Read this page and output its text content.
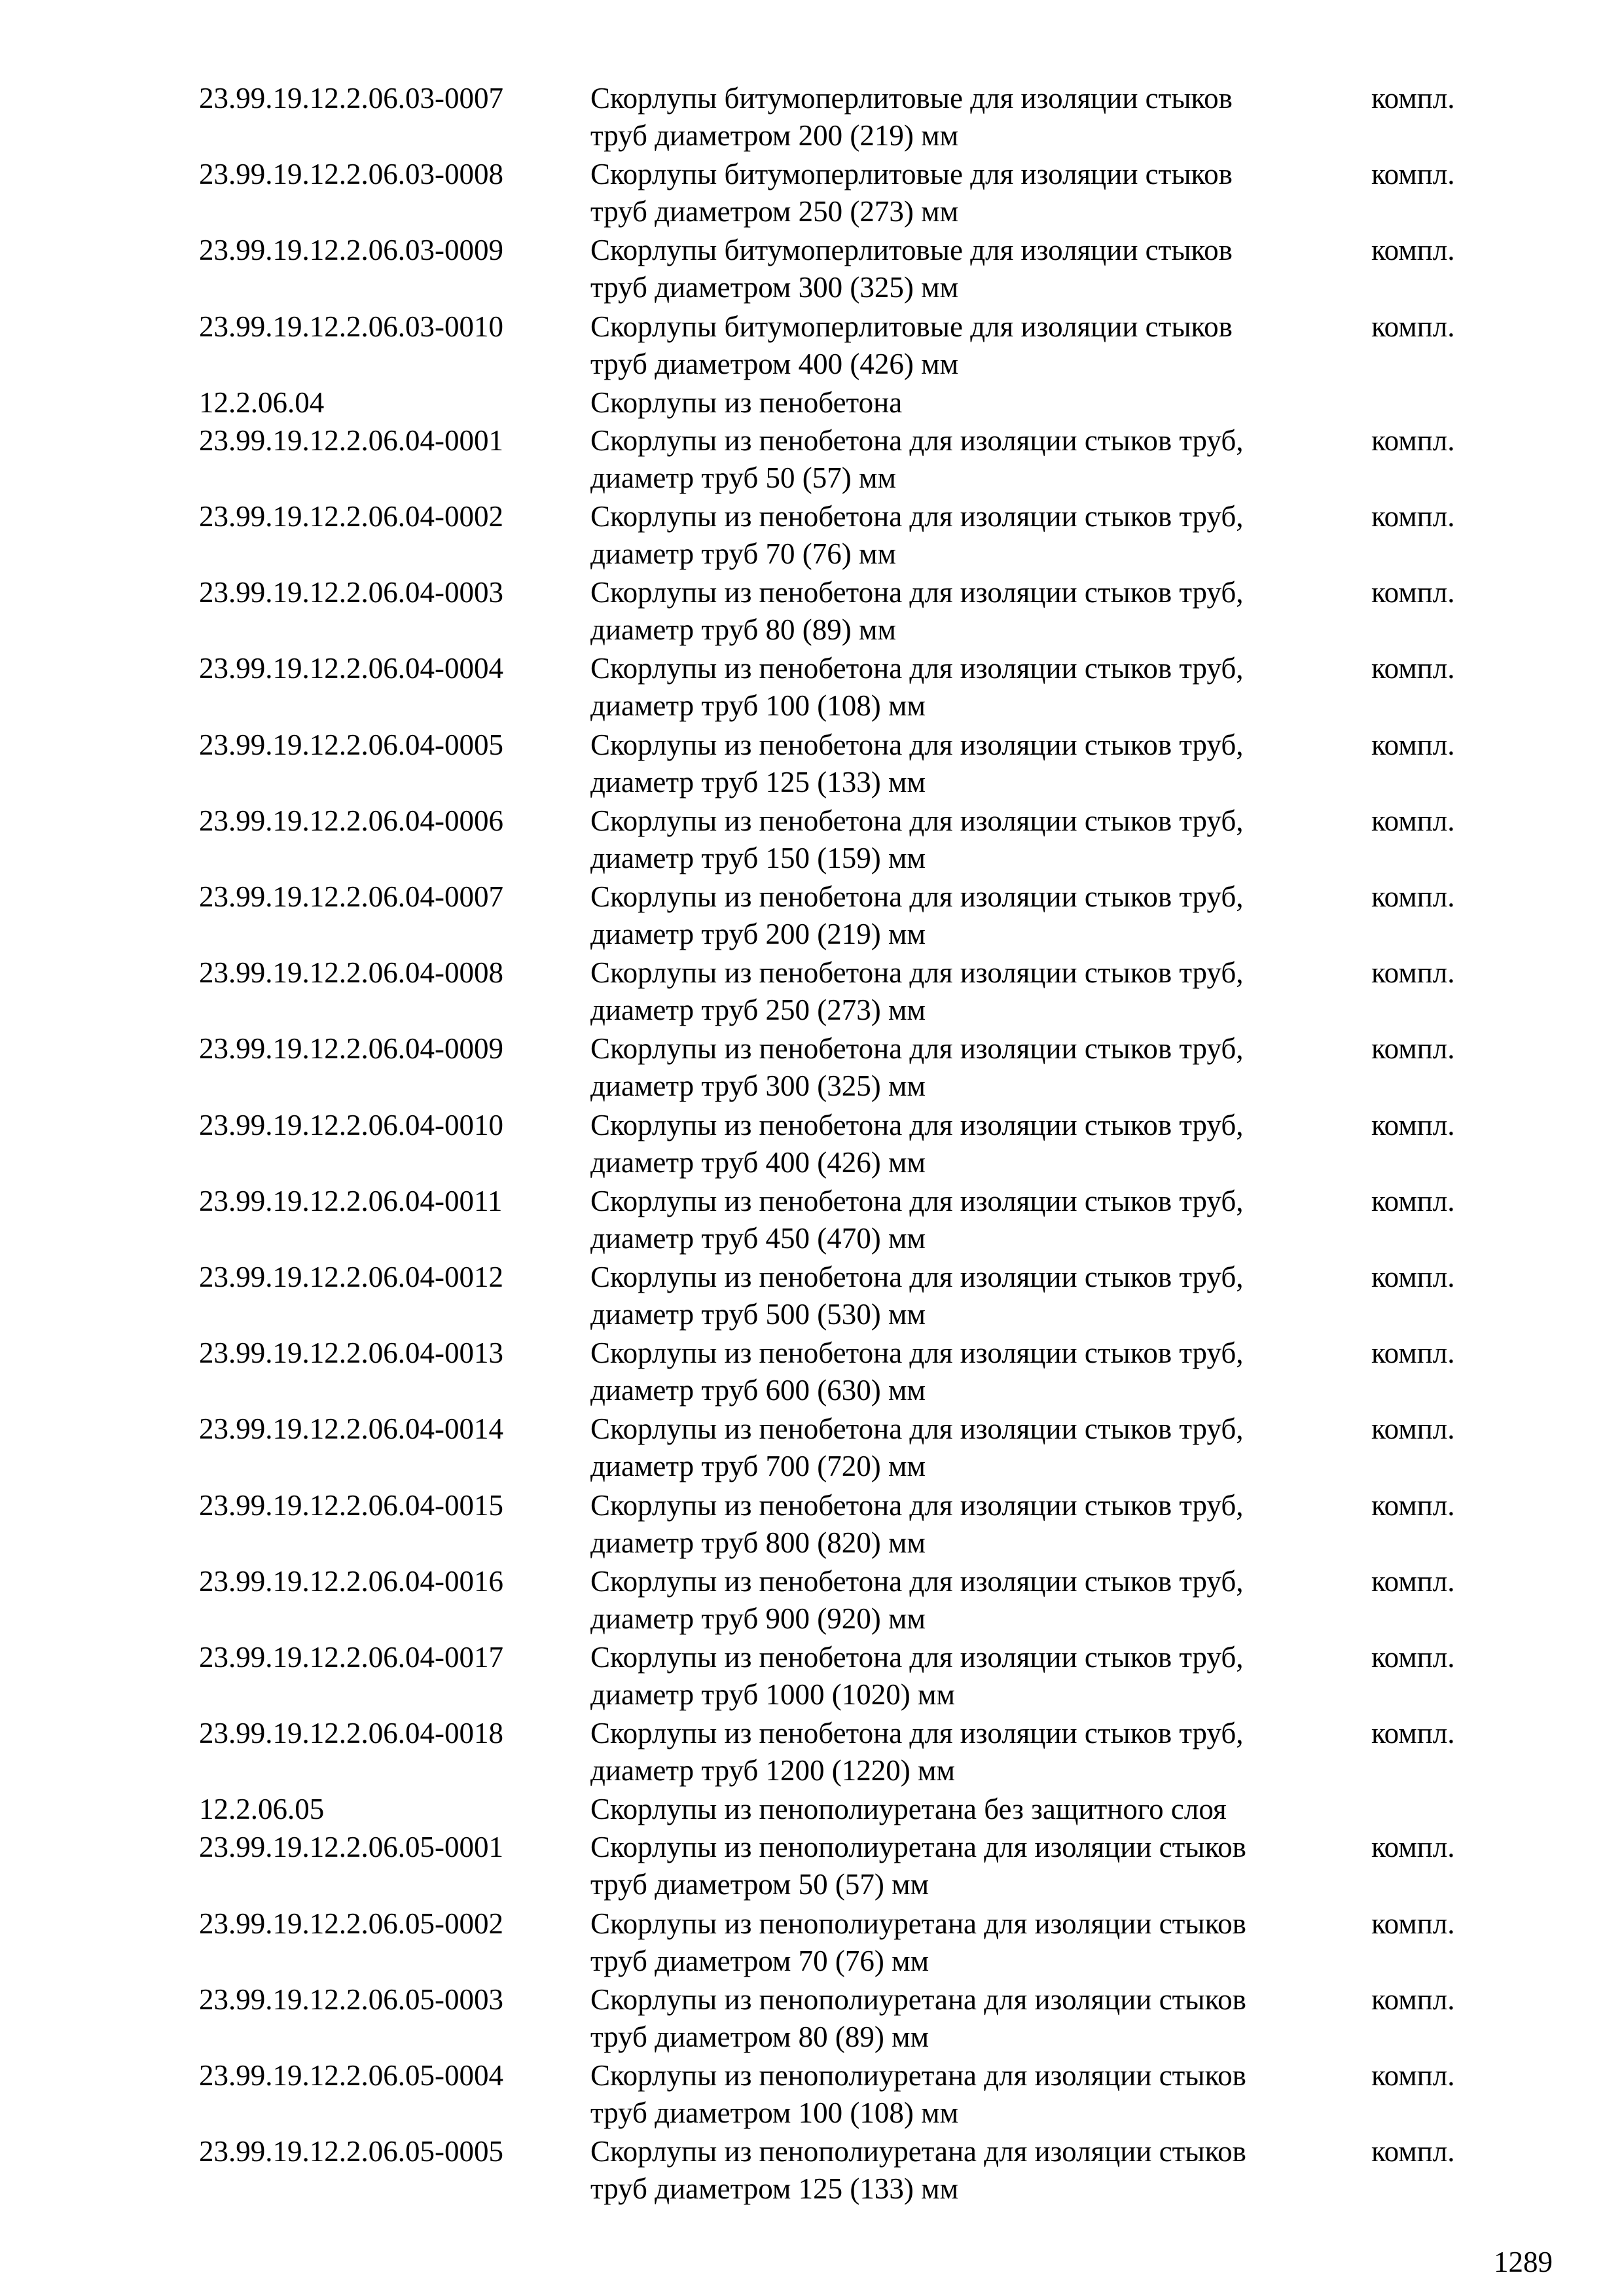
23.99.19.12.2.06.03-0007	Скорлупы битумоперлитовые для изоляции стыков
труб диаметром 200 (219) мм
компл.
23.99.19.12.2.06.03-0008	Скорлупы битумоперлитовые для изоляции стыков
труб диаметром 250 (273) мм
компл.
23.99.19.12.2.06.03-0009	Скорлупы битумоперлитовые для изоляции стыков
труб диаметром 300 (325) мм
компл.
23.99.19.12.2.06.03-0010	Скорлупы битумоперлитовые для изоляции стыков
труб диаметром 400 (426) мм
компл.
12.2.06.04	Скорлупы из пенобетона
23.99.19.12.2.06.04-0001	Скорлупы из пенобетона для изоляции стыков труб,
диаметр труб 50 (57) мм
компл.
23.99.19.12.2.06.04-0002	Скорлупы из пенобетона для изоляции стыков труб,
диаметр труб 70 (76) мм
компл.
23.99.19.12.2.06.04-0003	Скорлупы из пенобетона для изоляции стыков труб,
диаметр труб 80 (89) мм
компл.
23.99.19.12.2.06.04-0004	Скорлупы из пенобетона для изоляции стыков труб,
диаметр труб 100 (108) мм
компл.
23.99.19.12.2.06.04-0005	Скорлупы из пенобетона для изоляции стыков труб,
диаметр труб 125 (133) мм
компл.
23.99.19.12.2.06.04-0006	Скорлупы из пенобетона для изоляции стыков труб,
диаметр труб 150 (159) мм
компл.
23.99.19.12.2.06.04-0007	Скорлупы из пенобетона для изоляции стыков труб,
диаметр труб 200 (219) мм
компл.
23.99.19.12.2.06.04-0008	Скорлупы из пенобетона для изоляции стыков труб,
диаметр труб 250 (273) мм
компл.
23.99.19.12.2.06.04-0009	Скорлупы из пенобетона для изоляции стыков труб,
диаметр труб 300 (325) мм
компл.
23.99.19.12.2.06.04-0010	Скорлупы из пенобетона для изоляции стыков труб,
диаметр труб 400 (426) мм
компл.
23.99.19.12.2.06.04-0011	Скорлупы из пенобетона для изоляции стыков труб,
диаметр труб 450 (470) мм
компл.
23.99.19.12.2.06.04-0012	Скорлупы из пенобетона для изоляции стыков труб,
диаметр труб 500 (530) мм
компл.
23.99.19.12.2.06.04-0013	Скорлупы из пенобетона для изоляции стыков труб,
диаметр труб 600 (630) мм
компл.
23.99.19.12.2.06.04-0014	Скорлупы из пенобетона для изоляции стыков труб,
диаметр труб 700 (720) мм
компл.
23.99.19.12.2.06.04-0015	Скорлупы из пенобетона для изоляции стыков труб,
диаметр труб 800 (820) мм
компл.
23.99.19.12.2.06.04-0016	Скорлупы из пенобетона для изоляции стыков труб,
диаметр труб 900 (920) мм
компл.
23.99.19.12.2.06.04-0017	Скорлупы из пенобетона для изоляции стыков труб,
диаметр труб 1000 (1020) мм
компл.
23.99.19.12.2.06.04-0018	Скорлупы из пенобетона для изоляции стыков труб,
диаметр труб 1200 (1220) мм
компл.
12.2.06.05	Скорлупы из пенополиуретана без защитного слоя
23.99.19.12.2.06.05-0001	Скорлупы из пенополиуретана для изоляции стыков
труб диаметром 50 (57) мм
компл.
23.99.19.12.2.06.05-0002	Скорлупы из пенополиуретана для изоляции стыков
труб диаметром 70 (76) мм
компл.
23.99.19.12.2.06.05-0003	Скорлупы из пенополиуретана для изоляции стыков
труб диаметром 80 (89) мм
компл.
23.99.19.12.2.06.05-0004	Скорлупы из пенополиуретана для изоляции стыков
труб диаметром 100 (108) мм
компл.
23.99.19.12.2.06.05-0005	Скорлупы из пенополиуретана для изоляции стыков
труб диаметром 125 (133) мм
компл.
1289
